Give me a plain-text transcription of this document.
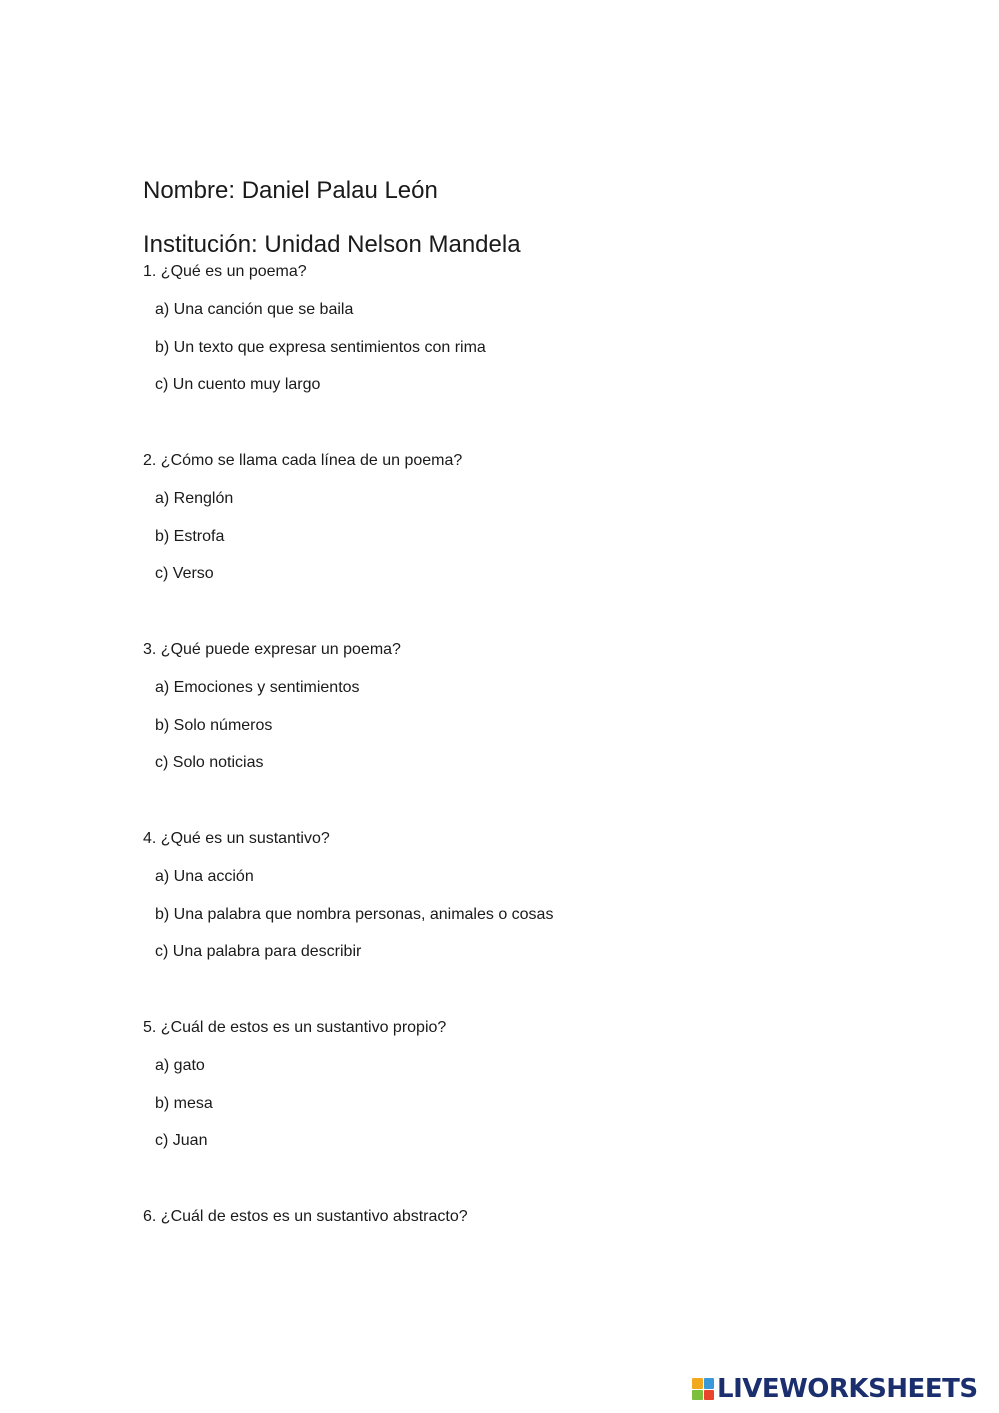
Nombre: Daniel Palau León
Institución: Unidad Nelson Mandela
1. ¿Qué es un poema?
a) Una canción que se baila
b) Un texto que expresa sentimientos con rima
c) Un cuento muy largo
2. ¿Cómo se llama cada línea de un poema?
a) Renglón
b) Estrofa
c) Verso
3. ¿Qué puede expresar un poema?
a) Emociones y sentimientos
b) Solo números
c) Solo noticias
4. ¿Qué es un sustantivo?
a) Una acción
b) Una palabra que nombra personas, animales o cosas
c) Una palabra para describir
5. ¿Cuál de estos es un sustantivo propio?
a) gato
b) mesa
c) Juan
6. ¿Cuál de estos es un sustantivo abstracto?
LIVEWORKSHEETS
